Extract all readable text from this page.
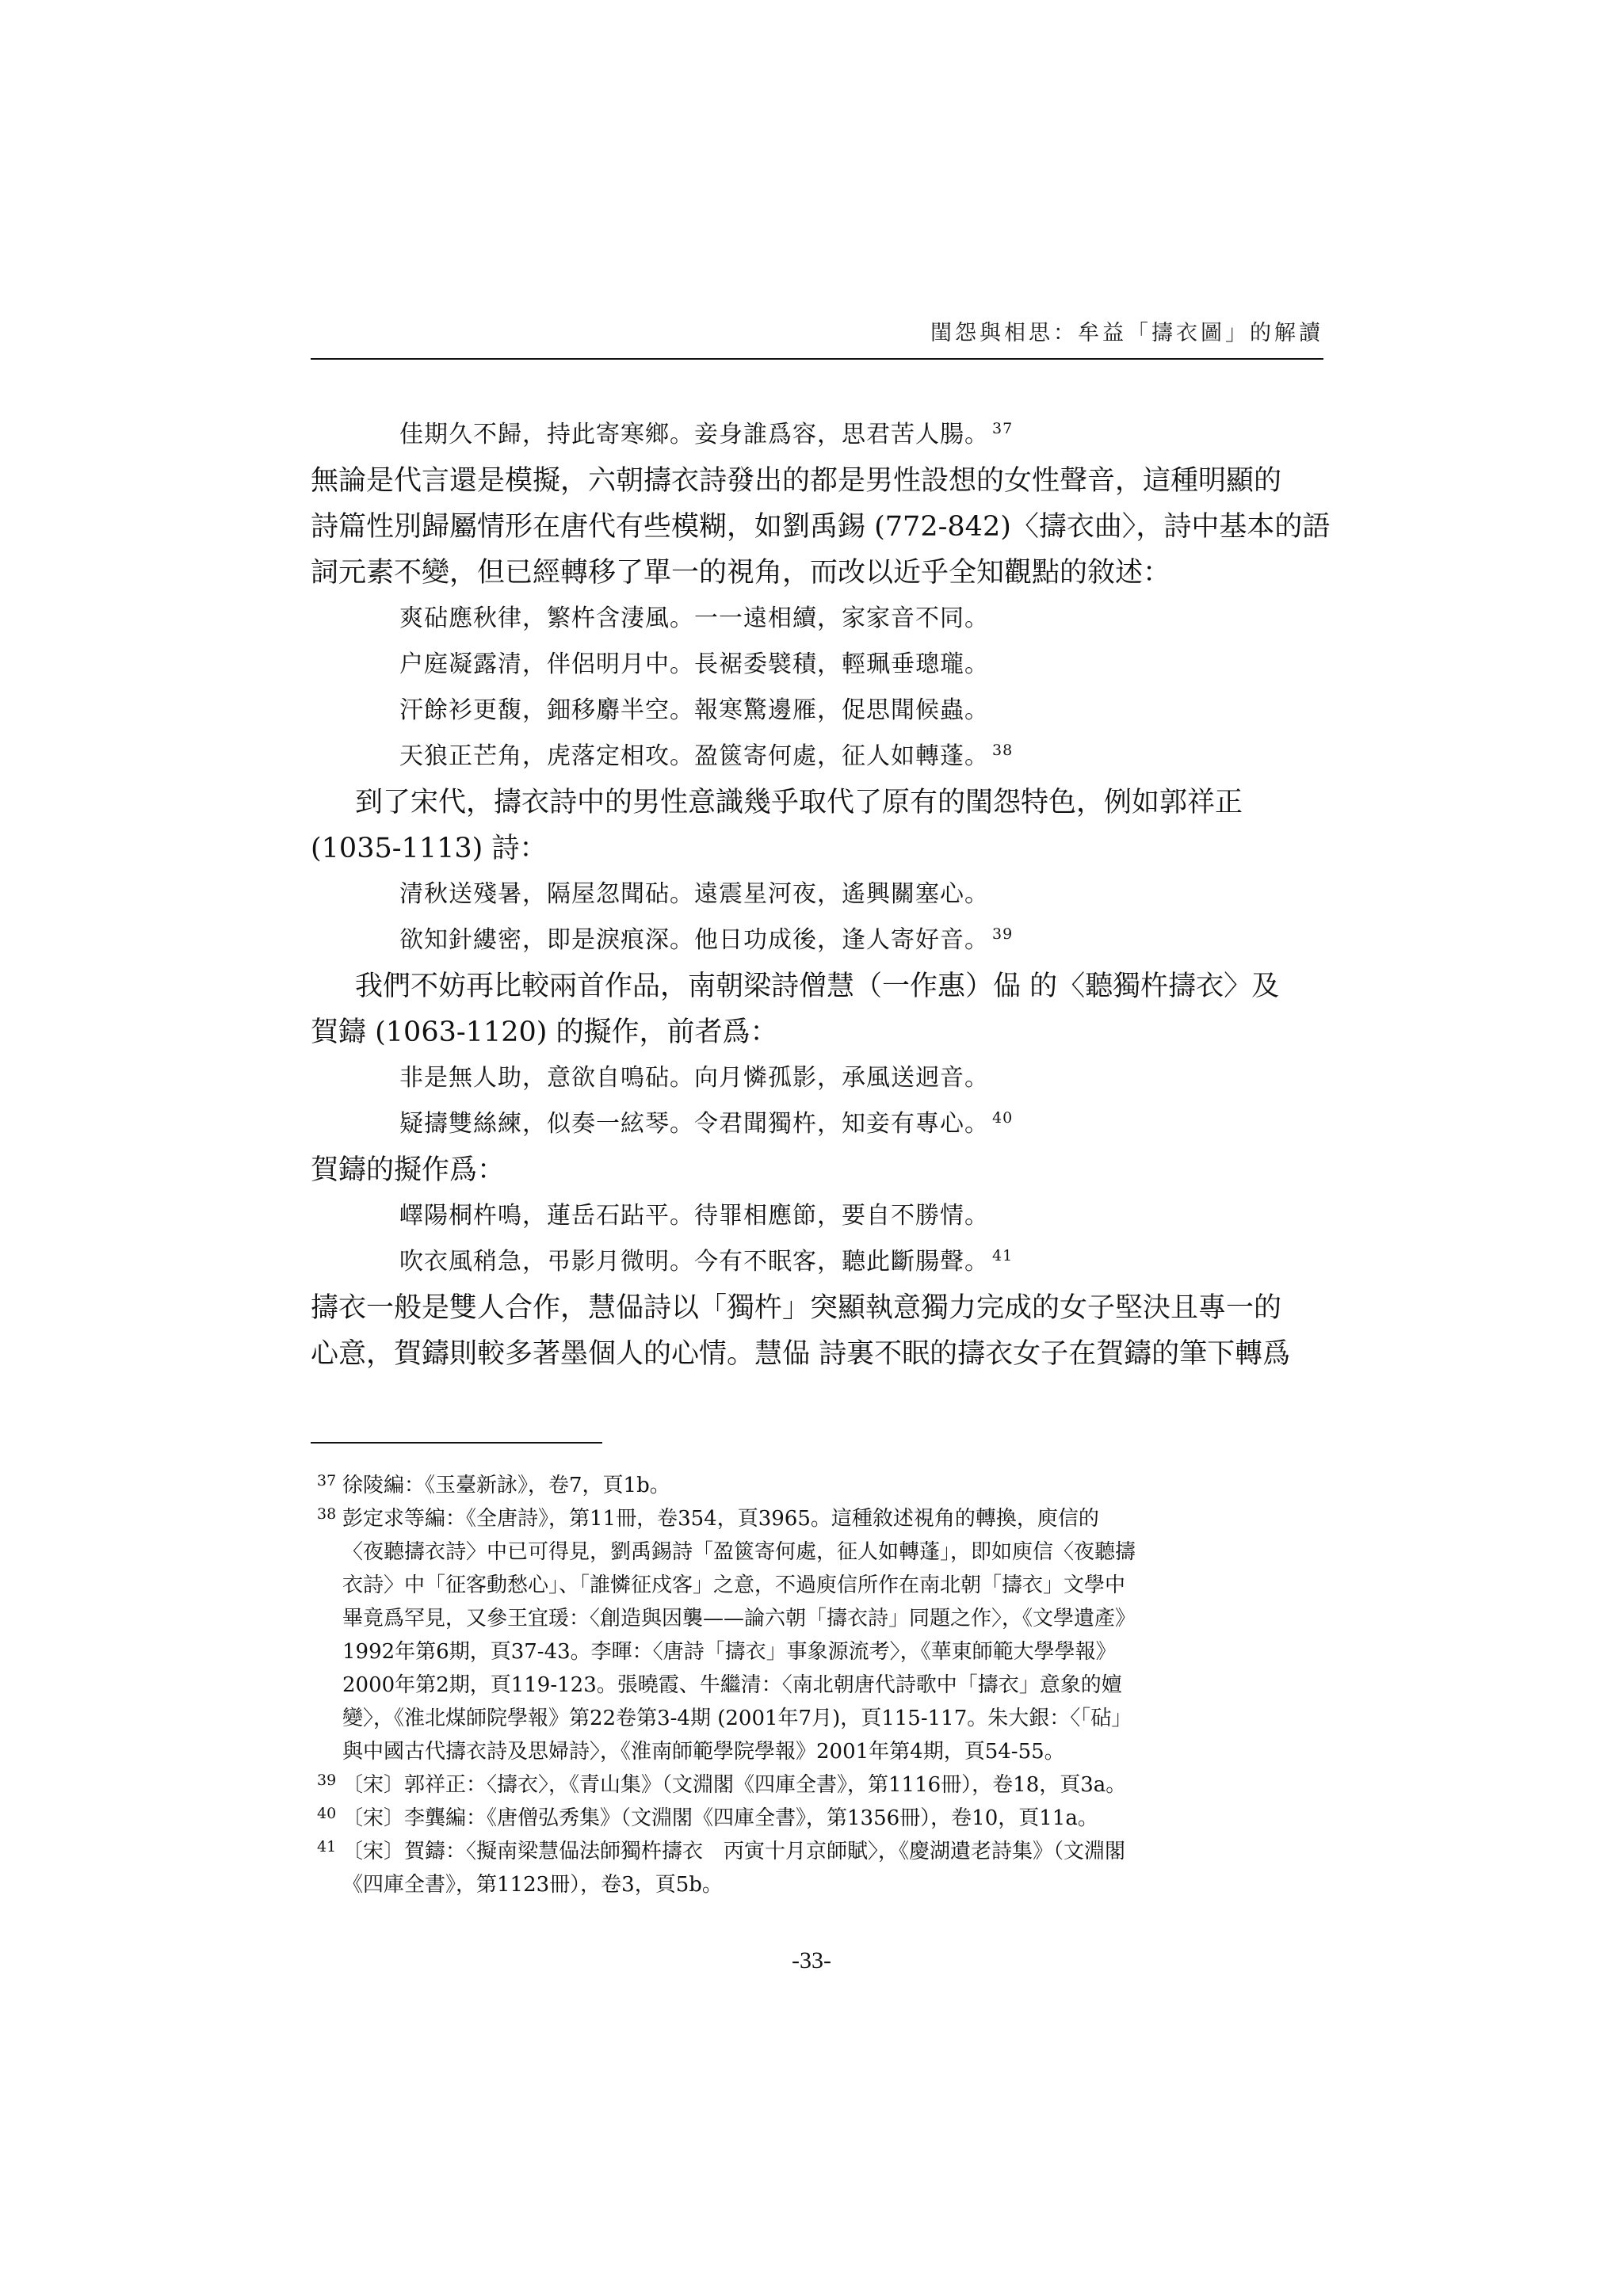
閨怨與相思：牟益「擣衣圖」的解讀
佳期久不歸，持此寄寒鄉。妾身誰爲容，思君苦人腸。 $^{37}$
無論是代言還是模擬，六朝擣衣詩發出的都是男性設想的女性聲音，這種明顯的
詩篇性別歸屬情形在唐代有些模糊，如劉禹錫 (772-842)〈擣衣曲〉，詩中基本的語
詞元素不變，但已經轉移了單一的視角，而改以近乎全知觀點的敘述：
爽砧應秋律，繁杵含淒風。一一遠相續，家家音不同。
户庭凝露清，伴侶明月中。長裾委襞積，輕珮垂璁瓏。
汗餘衫更馥，鈿移麝半空。報寒驚邊雁，促思聞候蟲。
天狼正芒角，虎落定相攻。盈篋寄何處，征人如轉蓬。 $^{38}$
到了宋代，擣衣詩中的男性意識幾乎取代了原有的閨怨特色，例如郭祥正
(1035-1113) 詩：
清秋送殘暑，隔屋忽聞砧。遠震星河夜，遙興關塞心。
欲知針縷密，即是淚痕深。他日功成後，逢人寄好音。 $^{39}$
我們不妨再比較兩首作品，南朝梁詩僧慧（一作惠）偘 的〈聽獨杵擣衣〉及
賀鑄 (1063-1120) 的擬作，前者爲：
非是無人助，意欲自鳴砧。向月憐孤影，承風送迥音。
疑擣雙絲練，似奏一絃琴。令君聞獨杵，知妾有專心。 $^{40}$
賀鑄的擬作爲：
嶧陽桐杵鳴，蓮岳石跕平。待罪相應節，要自不勝情。
吹衣風稍急，弔影月微明。今有不眠客，聽此斷腸聲。 $^{41}$
擣衣一般是雙人合作，慧偘詩以「獨杵」突顯執意獨力完成的女子堅決且專一的
心意，賀鑄則較多著墨個人的心情。慧偘 詩裏不眠的擣衣女子在賀鑄的筆下轉爲
37 徐陵編：《玉臺新詠》，卷7，頁1b。
38 彭定求等編：《全唐詩》，第11冊，卷354，頁3965。這種敘述視角的轉換，庾信的
〈夜聽擣衣詩〉中已可得見，劉禹錫詩「盈篋寄何處，征人如轉蓬」，即如庾信〈夜聽擣
衣詩〉中「征客動愁心」、「誰憐征戍客」之意，不過庾信所作在南北朝「擣衣」文學中
畢竟爲罕見，又參王宜瑗：〈創造與因襲——論六朝「擣衣詩」同題之作〉，《文學遺產》
1992年第6期，頁37-43。李暉：〈唐詩「擣衣」事象源流考〉，《華東師範大學學報》
2000年第2期，頁119-123。張曉霞、牛繼清：〈南北朝唐代詩歌中「擣衣」意象的嬗
變〉，《淮北煤師院學報》第22卷第3-4期 (2001年7月)，頁115-117。朱大銀：〈「砧」
與中國古代擣衣詩及思婦詩〉，《淮南師範學院學報》2001年第4期，頁54-55。
39 〔宋〕郭祥正：〈擣衣〉，《青山集》（文淵閣《四庫全書》，第1116冊），卷18，頁3a。
40 〔宋〕李龔編：《唐僧弘秀集》（文淵閣《四庫全書》，第1356冊），卷10，頁11a。
41 〔宋〕賀鑄：〈擬南梁慧偘法師獨杵擣衣　丙寅十月京師賦〉，《慶湖遺老詩集》（文淵閣
《四庫全書》，第1123冊），卷3，頁5b。
-33-
